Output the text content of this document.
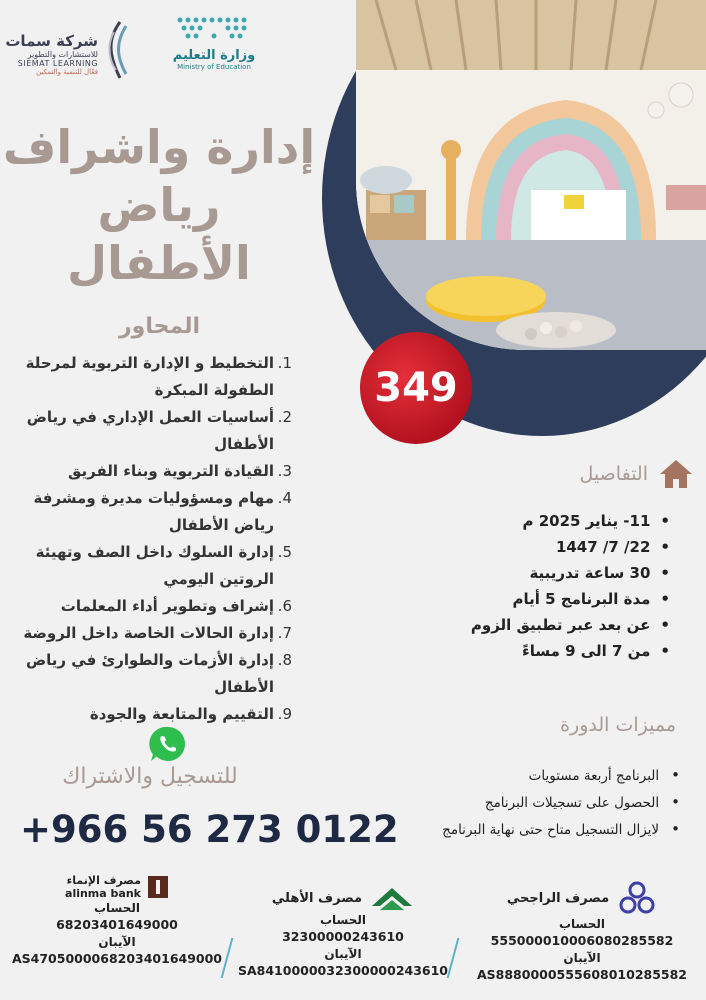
349
وزارة التعليم
Ministry of Education
شركة سمات
للاستشارات والتطوير
SIEMAT LEARNING
فعّال للتنمية والتمكين
إدارة واشراف
رياض
الأطفال
المحاور
1.
التخطيط و الإدارة التربوية لمرحلة الطفولة المبكرة
2.
أساسيات العمل الإداري في رياض الأطفال
3.
القيادة التربوية وبناء الفريق
4.
مهام ومسؤوليات مديرة ومشرفة رياض الأطفال
5.
إدارة السلوك داخل الصف وتهيئة الروتين اليومي
6.
إشراف وتطوير أداء المعلمات
7.
إدارة الحالات الخاصة داخل الروضة
8.
إدارة الأزمات والطوارئ في رياض الأطفال
9.
التقييم والمتابعة والجودة
للتسجيل والاشتراك
+966 56 273 0122
التفاصيل
• 11- يناير 2025 م
• 22/ 7/ 1447
• 30 ساعة تدريبية
• مدة البرنامج 5 أيام
• عن بعد عبر تطبيق الزوم
• من 7 الى 9 مساءً
مميزات الدورة
• البرنامج أربعة مستويات
• الحصول على تسجيلات البرنامج
• لايزال التسجيل متاح حتى نهاية البرنامج
مصرف الراجحي
الحساب
555000010006080285582
الآيبان
AS888000055560801028558​2
مصرف الأهلي
الحساب
32300000243610
الآيبان
SA8410000032300000243610
مصرف الإنماء
alinma bank
الحساب
68203401649000
الآيبان
AS4705000068203401649000
